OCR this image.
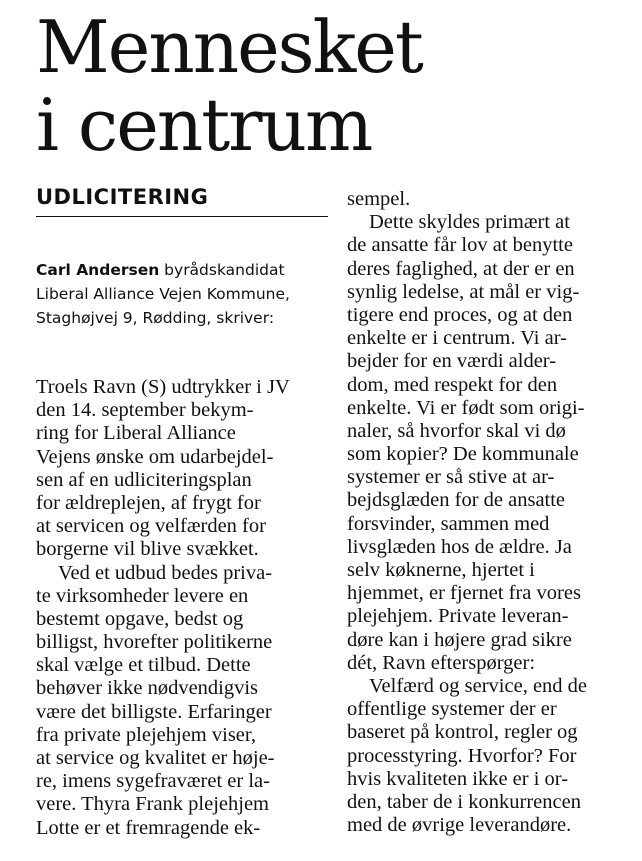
Mennesket
i centrum
UDLICITERING
Carl Andersen byrådskandidat
Liberal Alliance Vejen Kommune,
Staghøjvej 9, Rødding, skriver:
Troels Ravn (S) udtrykker i JV
den 14. september bekym-
ring for Liberal Alliance
Vejens ønske om udarbejdel-
sen af en udliciteringsplan
for ældreplejen, af frygt for
at servicen og velfærden for
borgerne vil blive svækket.
Ved et udbud bedes priva-
te virksomheder levere en
bestemt opgave, bedst og
billigst, hvorefter politikerne
skal vælge et tilbud. Dette
behøver ikke nødvendigvis
være det billigste. Erfaringer
fra private plejehjem viser,
at service og kvalitet er høje-
re, imens sygefraværet er la-
vere. Thyra Frank plejehjem
Lotte er et fremragende ek-
sempel.
Dette skyldes primært at
de ansatte får lov at benytte
deres faglighed, at der er en
synlig ledelse, at mål er vig-
tigere end proces, og at den
enkelte er i centrum. Vi ar-
bejder for en værdi alder-
dom, med respekt for den
enkelte. Vi er født som origi-
naler, så hvorfor skal vi dø
som kopier? De kommunale
systemer er så stive at ar-
bejdsglæden for de ansatte
forsvinder, sammen med
livsglæden hos de ældre. Ja
selv køknerne, hjertet i
hjemmet, er fjernet fra vores
plejehjem. Private leveran-
døre kan i højere grad sikre
dét, Ravn efterspørger:
Velfærd og service, end de
offentlige systemer der er
baseret på kontrol, regler og
processtyring. Hvorfor? For
hvis kvaliteten ikke er i or-
den, taber de i konkurrencen
med de øvrige leverandøre.
